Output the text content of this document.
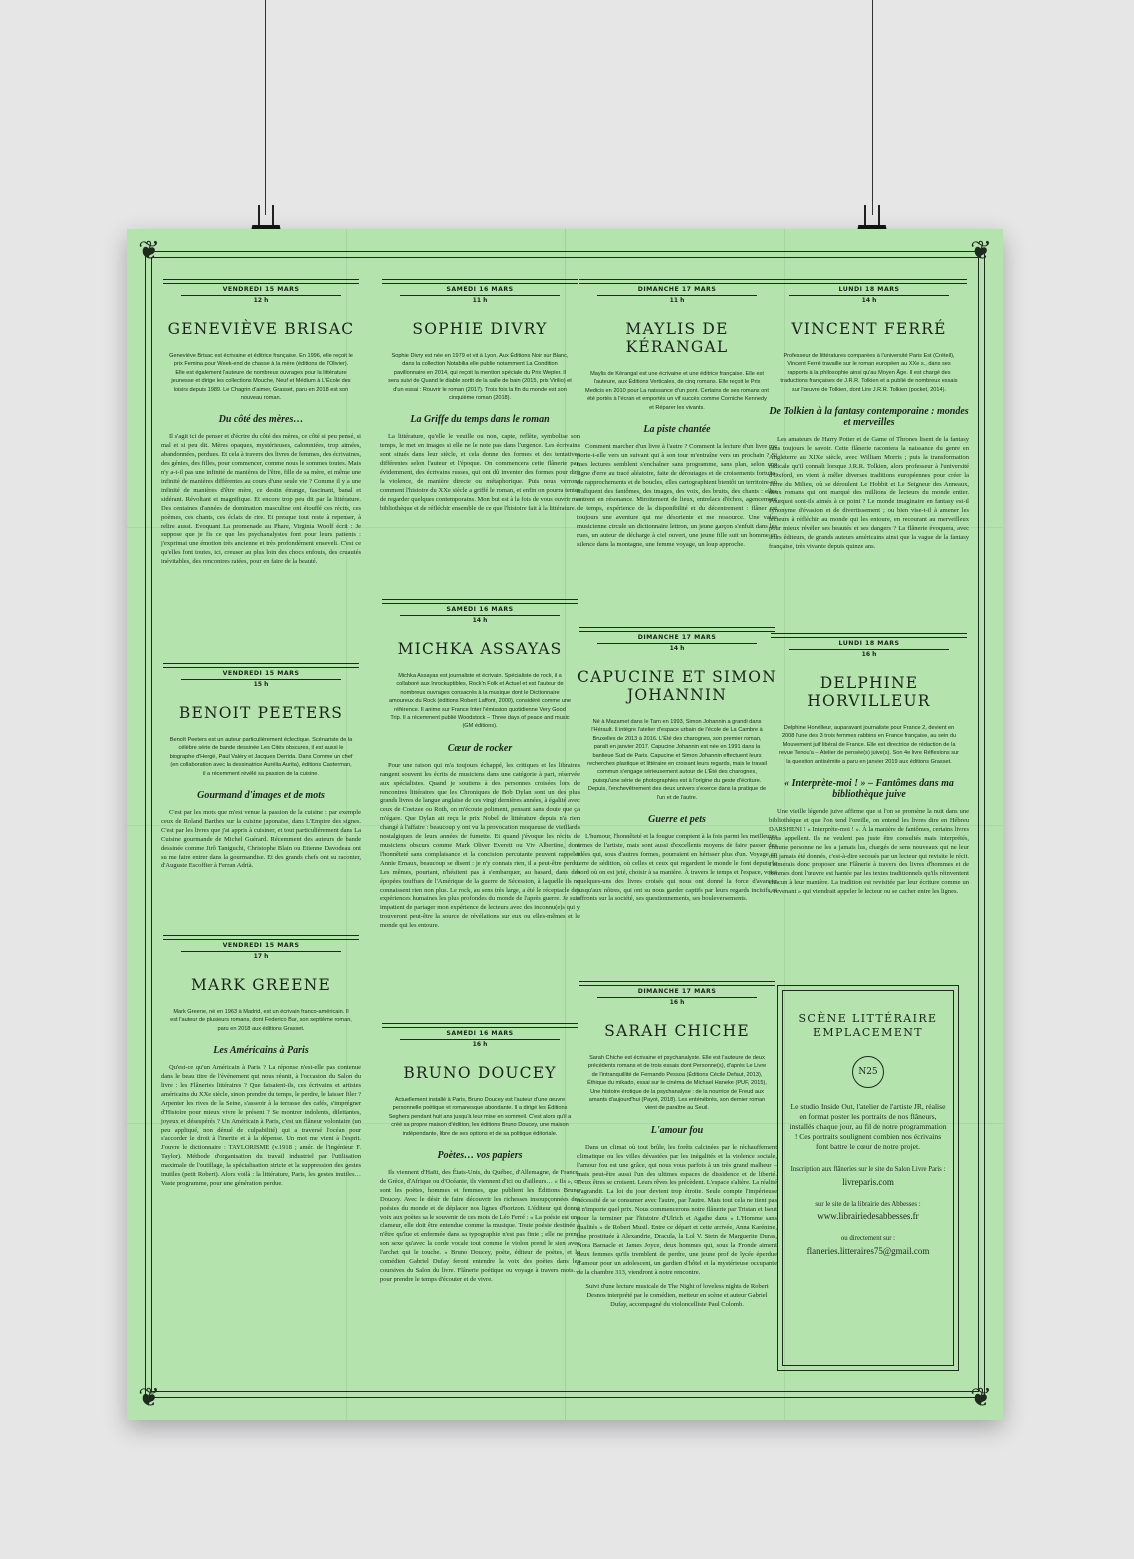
❦	❦
❦	❦
VENDREDI 15 MARS
12 h
GENEVIÈVE BRISAC
Geneviève Brisac est écrivaine et éditrice française. En 1996, elle reçoit le prix Femina pour Week-end de chasse à la mère (éditions de l'Olivier). Elle est également l'auteure de nombreux ouvrages pour la littérature jeunesse et dirige les collections Mouche, Neuf et Médium à L'École des loisirs depuis 1989. Le Chagrin d'aimer, Grasset, paru en 2018 est son nouveau roman.
Du côté des mères…

Il s'agit ici de penser et d'écrire du côté des mères, ce côté si peu pensé, si mal et si peu dit. Mères opaques, mystérieuses, calomniées, trop aimées, abandonnées, perdues. Et cela à travers des livres de femmes, des écrivaines, des génies, des filles, pour commencer, comme nous le sommes toutes. Mais n'y a-t-il pas une infinité de manières de l'être, fille de sa mère, et même une infinité de manières différentes au cours d'une seule vie ? Comme il y a une infinité de manières d'être mère, ce destin étrange, fascinant, banal et sidérant. Révoltant et magnifique. Et encore trop peu dit par la littérature. Des centaines d'années de domination masculine ont étouffé ces récits, ces poèmes, ces chants, ces éclats de rire. Et presque tout reste à repenser, à relire aussi. Evoquant La promenade au Phare, Virginia Woolf écrit : Je suppose que je fis ce que les psychanalystes font pour leurs patients : j'exprimai une émotion très ancienne et très profondément enseveli. C'est ce qu'elles font toutes, ici, creuser au plus loin des chocs enfouis, des cruautés inévitables, des rencontres ratées, pour en faire de la beauté.

VENDREDI 15 MARS
15 h
BENOIT PEETERS
Benoît Peeters est un auteur particulièrement éclectique. Scénariste de la célèbre série de bande dessinée Les Cités obscures, il est aussi le biographe d'Hergé, Paul Valéry et Jacques Derrida. Dans Comme un chef (en collaboration avec la dessinatrice Aurélia Aurita), éditions Casterman, il a récemment révélé sa passion de la cuisine.
Gourmand d'images et de mots

C'est par les mots que m'est venue la passion de la cuisine : par exemple ceux de Roland Barthes sur la cuisine japonaise, dans L'Empire des signes. C'est par les livres que j'ai appris à cuisiner, et tout particulièrement dans La Cuisine gourmande de Michel Guérard. Récemment des auteurs de bande dessinée comme Jirô Taniguchi, Christophe Blain ou Etienne Davodeau ont su me faire entrer dans la gourmandise. Et des grands chefs ont su raconter, d'Auguste Escoffier à Ferran Adrià.

VENDREDI 15 MARS
17 h
MARK GREENE
Mark Greene, né en 1963 à Madrid, est un écrivain franco-américain. Il est l'auteur de plusieurs romans, dont Federico Bar, son septième roman, paru en 2018 aux éditions Grasset.
Les Américains à Paris

Qu'est-ce qu'un Américain à Paris ? La réponse n'est-elle pas contenue dans le beau titre de l'événement qui nous réunit, à l'occasion du Salon du livre : les Flâneries littéraires ? Que faisaient-ils, ces écrivains et artistes américains du XXe siècle, sinon prendre du temps, le perdre, le laisser filer ? Arpenter les rives de la Seine, s'asseoir à la terrasse des cafés, s'imprégner d'Histoire pour mieux vivre le présent ? Se montrer indolents, dilettantes, joyeux et désespérés ? Un Américain à Paris, c'est un flâneur volontaire (un peu appliqué, non dénué de culpabilité) qui a traversé l'océan pour s'accorder le droit à l'inertie et à la dépense. Un mot me vient à l'esprit. J'ouvre le dictionnaire : TAYLORISME (v.1918 ; amér. de l'ingénieur F. Taylor). Méthode d'organisation du travail industriel par l'utilisation maximale de l'outillage, la spécialisation stricte et la suppression des gestes inutiles (petit Robert). Alors voilà : la littérature, Paris, les gestes inutiles… Vaste programme, pour une génération perdue.

SAMEDI 16 MARS
11 h
SOPHIE DIVRY
Sophie Divry est née en 1979 et vit à Lyon. Aux Éditions Noir sur Blanc, dans la collection Notabilia elle publie notamment La Condition pavillonnaire en 2014, qui reçoit la mention spéciale du Prix Wepler. Il sera suivi de Quand le diable sortit de la salle de bain (2015, prix Virilio) et d'un essai : Rouvrir le roman (2017). Trois fois la fin du monde est son cinquième roman (2018).
La Griffe du temps dans le roman

La littérature, qu'elle le veuille ou non, capte, reflète, symbolise son temps, le met en images si elle ne le note pas dans l'urgence. Les écrivains sont situés dans leur siècle, et cela donne des formes et des tentatives différentes selon l'auteur et l'époque. On commencera cette flânerie par, évidemment, des écrivains russes, qui ont dû inventer des formes pour dire la violence, de manière directe ou métaphorique. Puis nous verrons comment l'histoire du XXe siècle a griffé le roman, et enfin on pourra tenter de regarder quelques contemporains. Mon but est à la fois de vous ouvrir ma bibliothèque et de réfléchir ensemble de ce que l'histoire fait à la littérature.

SAMEDI 16 MARS
14 h
MICHKA ASSAYAS
Michka Assayas est journaliste et écrivain. Spécialiste de rock, il a collaboré aux Inrockuptibles, Rock'n Folk et Actuel et est l'auteur de nombreux ouvrages consacrés à la musique dont le Dictionnaire amoureux du Rock (éditions Robert Laffont, 2000), considéré comme une référence. Il anime sur France Inter l'émission quotidienne Very Good Trip. Il a récemment publié Woodstock – Three days of peace and music (GM éditions).
Cœur de rocker

Pour une raison qui m'a toujours échappé, les critiques et les libraires rangent souvent les écrits de musiciens dans une catégorie à part, réservée aux spécialistes. Quand je soutiens à des personnes croisées lors de rencontres littéraires que les Chroniques de Bob Dylan sont un des plus grands livres de langue anglaise de ces vingt dernières années, à égalité avec ceux de Coetzee ou Roth, on m'écoute poliment, pensant sans doute que ça m'égare. Que Dylan ait reçu le prix Nobel de littérature depuis n'a rien changé à l'affaire : beaucoup y ont vu la provocation moqueuse de vieillards nostalgiques de leurs années de fumette. Et quand j'évoque les récits de musiciens obscurs comme Mark Oliver Everett ou Viv Albertine, dont l'honnêteté sans complaisance et la concision percutante peuvent rappeler Annie Ernaux, beaucoup se disent : je n'y connais rien, il a peut-être perdu. Les mêmes, pourtant, n'hésitent pas à s'embarquer, au hasard, dans des épopées touffues de l'Amérique de la guerre de Sécession, à laquelle ils ne connaissent rien non plus. Le rock, au sens très large, a été le réceptacle des expériences humaines les plus profondes du monde de l'après guerre. Je suis impatient de partager mon expérience de lecteurs avec des inconnu(e)s qui y trouveront peut-être la source de révélations sur eux ou elles-mêmes et le monde qui les entoure.

SAMEDI 16 MARS
16 h
BRUNO DOUCEY
Actuellement installé à Paris, Bruno Doucey est l'auteur d'une œuvre personnelle poétique et romanesque abondante. Il a dirigé les Éditions Seghers pendant huit ans jusqu'à leur mise en sommeil. C'est alors qu'il a créé sa propre maison d'édition, les éditions Bruno Doucey, une maison indépendante, libre de ses options et de sa politique éditoriale.
Poètes… vos papiers

Ils viennent d'Haïti, des États-Unis, du Québec, d'Allemagne, de France, de Grèce, d'Afrique ou d'Océanie, ils viennent d'ici ou d'ailleurs… « Ils », ce sont les poètes, hommes et femmes, que publient les Éditions Bruno Doucey. Avec le désir de faire découvrir les richesses insoupçonnées des poésies du monde et de déplacer nos lignes d'horizon. L'éditeur qui donne voix aux poètes sa le souvenir de ces mots de Léo Ferré : « La poésie est une clameur, elle doit être entendue comme la musique. Toute poésie destinée à n'être qu'lue et enfermée dans sa typographie n'est pas finie ; elle ne prend son sexe qu'avec la corde vocale tout comme le violon prend le sien avec l'archet qui le touche. » Bruno Doucey, poète, éditeur de poètes, et le comédien Gabriel Dufay feront entendre la voix des poètes dans les coursives du Salon du livre. Flânerie poétique ou voyage à travers mots… pour prendre le temps d'écouter et de vivre.

DIMANCHE 17 MARS
11 h
MAYLIS DE KÉRANGAL
Maylis de Kérangal est une écrivaine et une éditrice française. Elle est l'auteure, aux Éditions Verticales, de cinq romans. Elle reçoit le Prix Medicis en 2010 pour La naissance d'un pont. Certains de ses romans ont été portés à l'écran et emportés un vif succès comme Corniche Kennedy et Réparer les vivants.
La piste chantée

Comment marcher d'un livre à l'autre ? Comment la lecture d'un livre me porte-t-elle vers un suivant qui à son tour m'entraîne vers un prochain ? Si mes lectures semblent s'enchaîner sans programme, sans plan, selon une ligne d'erre au tracé aléatoire, faite de déroutages et de croisements fortuits, de rapprochements et de boucles, elles cartographient bientôt un territoire où trafiquent des fantômes, des images, des voix, des bruits, des chants : elles entrent en résonance. Miroitement de lieux, entrelacs d'échos, agencement de temps, expérience de la disponibilité et du décentrement : flâner est toujours une aventure qui me désoriente et me ressource. Une valse musicienne circule un dictionnaire lettron, un jeune garçon s'enfuit dans les rues, un auteur de décharge à ciel ouvert, une jeune fille suit un homme en silence dans la montagne, une femme voyage, un loup approche.

DIMANCHE 17 MARS
14 h
CAPUCINE ET SIMON JOHANNIN
Né à Mazamet dans le Tarn en 1993, Simon Johannin a grandi dans l'Hérault. Il intègre l'atelier d'espace urbain de l'école de La Cambre à Bruxelles de 2013 à 2016. L'Été des charognes, son premier roman, paraît en janvier 2017. Capucine Johannin est née en 1991 dans la banlieue Sud de Paris. Capucine et Simon Johannin effectuent leurs recherches plastique et littéraire en croisant leurs regards, mais le travail commun s'engage sérieusement autour de L'Été des charognes, puisqu'une série de photographies est à l'origine du geste d'écriture. Depuis, l'enchevêtrement des deux univers s'exerce dans la pratique de l'un et de l'autre.
Guerre et pets

L'humour, l'honnêteté et la fougue comptent à la fois parmi les meilleures armes de l'artiste, mais sont aussi d'excellents moyens de faire passer des idées qui, sous d'autres formes, pourraient en hérisser plus d'un. Voyage en terre de sédition, où celles et ceux qui regardent le monde le font depuis le bord où on est jeté, choisir à sa manière. À travers le temps et l'espace, voici quelques-uns des livres croisés qui nous ont donné la force d'avancer jusqu'aux nôtres, qui ont su nous garder captifs par leurs regards incisifs et effronts sur la société, ses questionnements, ses bouleversements.

DIMANCHE 17 MARS
16 h
SARAH CHICHE
Sarah Chiche est écrivaine et psychanalyste. Elle est l'auteure de deux précédents romans et de trois essais dont Personne(s), d'après Le Livre de l'intranquillité de Fernando Pessoa (Éditions Cécile Defaut, 2013), Éthique du mikado, essai sur le cinéma de Michael Haneke (PUF, 2015), Une histoire érotique de la psychanalyse : de la nourrice de Freud aux amants d'aujourd'hui (Payot, 2018). Les enténébrés, son dernier roman vient de paraître au Seuil.
L'amour fou

Dans un climat où tout brûle, les forêts calcinées par le réchauffement climatique ou les villes dévastées par les inégalités et la violence sociale, l'amour fou est une grâce, qui nous vous parfois à un très grand malheur – mais peut-être aussi l'un des ultimes espaces de dissidence et de liberté. Deux êtres se croisent. Leurs rêves les précèdent. L'espace s'altère. La réalité s'agrandit. La loi du jour devient trop étroite. Seule compte l'impérieuse nécessité de se consumer avec l'autre, par l'autre. Mais tout cela ne tient pas à n'importe quel prix. Nous commencerons notre flânerie par Tristan et Iseut pour la terminer par l'histoire d'Ulrich et Agathe dans « L'Homme sans qualités » de Robert Musil. Entre ce départ et cette arrivée, Anna Karénine, une prostituée à Alexandrie, Dracula, la Lol V. Stein de Marguerite Duras, Nora Barnacle et James Joyce, deux hommes qui, sous la Fronde aiment deux femmes qu'ils tremblent de perdre, une jeune prof de lycée éperdue d'amour pour un adolescent, un gardien d'hôtel et la mystérieuse occupante de la chambre 313, viendront à notre rencontre.

Suivi d'une lecture musicale de The Night of loveless nights de Robert Desnos interprété par le comédien, metteur en scène et auteur Gabriel Dufay, accompagné du violoncelliste Paul Colomb.
LUNDI 18 MARS
14 h
VINCENT FERRÉ
Professeur de littératures comparées à l'université Paris Est (Créteil), Vincent Ferré travaille sur le roman européen au XXe s., dans ses rapports à la philosophie ainsi qu'au Moyen Âge. Il est chargé des traductions françaises de J.R.R. Tolkien et a publié de nombreux essais sur l'œuvre de Tolkien, dont Lire J.R.R. Tolkien (pocket, 2014).
De Tolkien à la fantasy contemporaine : mondes et merveilles

Les amateurs de Harry Potter et de Game of Thrones lisent de la fantasy sans toujours le savoir. Cette flânerie racontera la naissance du genre en Angleterre au XIXe siècle, avec William Morris ; puis la transformation radicale qu'il connaît lorsque J.R.R. Tolkien, alors professeur à l'université d'Oxford, en vient à mêler diverses traditions européennes pour créer la Terre du Milieu, où se déroulent Le Hobbit et Le Seigneur des Anneaux, deux romans qui ont marqué des millions de lecteurs du monde entier. Pourquoi sont-ils aimés à ce point ? Le monde imaginaire en fantasy est-il synonyme d'évasion et de divertissement ; ou bien vise-t-il à amener les lecteurs à réfléchir au monde qui les entoure, en recourant au merveilleux pour mieux révéler ses beautés et ses dangers ? La flânerie évoquera, avec leurs éditeurs, de grands auteurs américains ainsi que la vague de la fantasy française, très vivante depuis quinze ans.

LUNDI 18 MARS
16 h
DELPHINE HORVILLEUR
Delphine Horvilleur, auparavant journaliste pour France 2, devient en 2008 l'une des 3 trois femmes rabbins en France française, au sein du Mouvement juif libéral de France. Elle est directrice de rédaction de la revue Tenou'a – Atelier de pensée(s) juive(s). Son 4e livre Réflexions sur la question antisémite a paru en janvier 2019 aux éditions Grasset.
« Interprète-moi ! » – Fantômes dans ma bibliothèque juive

Une vieille légende juive affirme que si l'on se promène la nuit dans une bibliothèque et que l'on tend l'oreille, on entend les livres dire en Hébreu DARSHENI ! « Interprète-moi ! ». À la manière de fantômes, certains livres nous appellent. Ils ne veulent pas juste être consultés mais interprétés, comme personne ne les a jamais lus, chargés de sens nouveaux qui ne leur ont jamais été donnés, c'est-à-dire secoués par un lecteur qui revisite le récit. J'aimerais donc proposer une Flânerie à travers des livres d'hommes et de femmes dont l'œuvre est hantée par les textes traditionnels qu'ils réinventent chacun à leur manière. La tradition est revisitée par leur écriture comme un « revenant » qui viendrait appeler le lecteur ou se cacher entre les lignes.

SCÈNE LITTÉRAIRE
EMPLACEMENT
N25
Le studio Inside Out, l'atelier de l'artiste JR, réalise en format poster les portraits de nos flâneurs, installés chaque jour, au fil de notre programmation ! Ces portraits soulignent combien nos écrivains font battre le cœur de notre projet.
Inscription aux flâneries sur le site du Salon Livre Paris :
livreparis.com
sur le site de la librairie des Abbesses :
www.librairiedesabbesses.fr
ou directement sur :
flaneries.litteraires75@gmail.com
